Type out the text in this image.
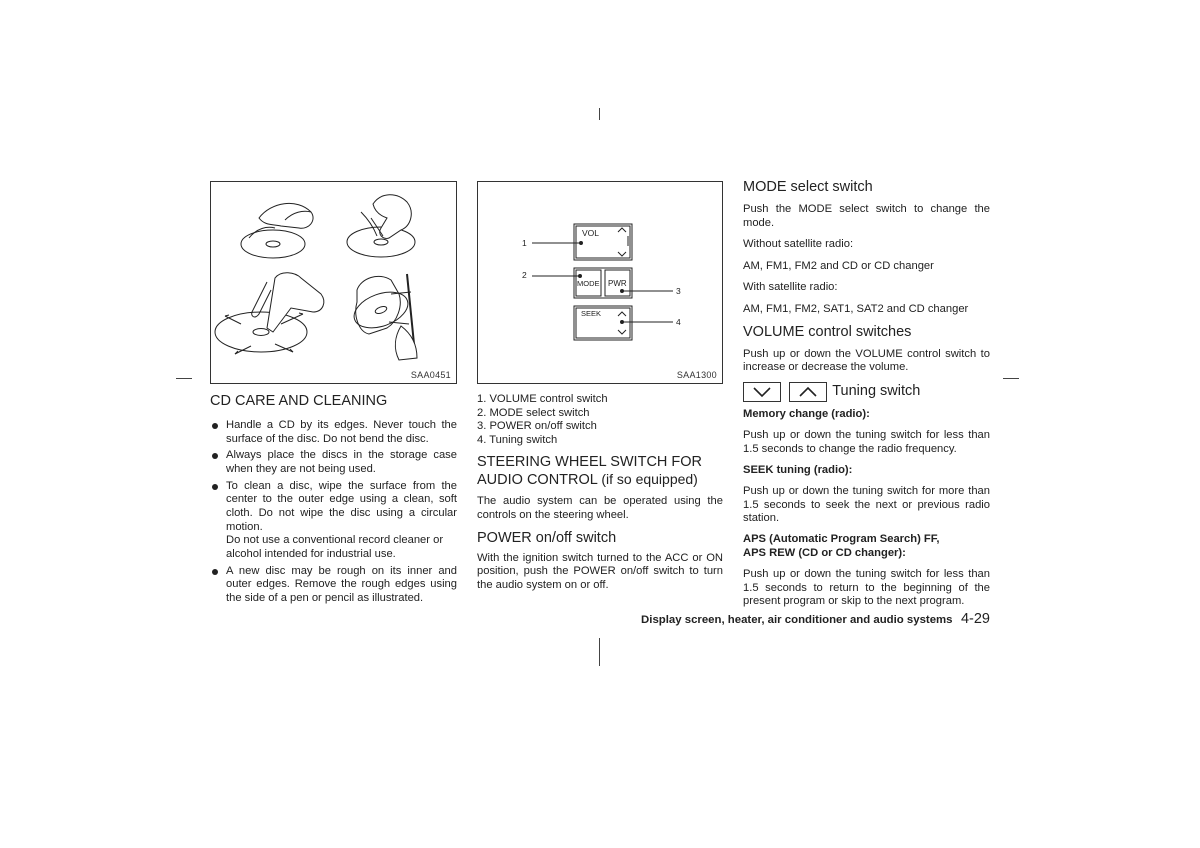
SAA0451
VOL
MODE PWR
SEEK
1
2
3
4
SAA1300
CD CARE AND CLEANING
Handle a CD by its edges. Never touch the surface of the disc. Do not bend the disc.
Always place the discs in the storage case when they are not being used.
To clean a disc, wipe the surface from the center to the outer edge using a clean, soft cloth. Do not wipe the disc using a circular motion.
Do not use a conventional record cleaner or alcohol intended for industrial use.
A new disc may be rough on its inner and outer edges. Remove the rough edges using the side of a pen or pencil as illustrated.
1. VOLUME control switch
2. MODE select switch
3. POWER on/off switch
4. Tuning switch
STEERING WHEEL SWITCH FOR
AUDIO CONTROL (if so equipped)

The audio system can be operated using the controls on the steering wheel.

POWER on/off switch

With the ignition switch turned to the ACC or ON position, push the POWER on/off switch to turn the audio system on or off.

MODE select switch

Push the MODE select switch to change the mode.

Without satellite radio:

AM, FM1, FM2 and CD or CD changer

With satellite radio:

AM, FM1, FM2, SAT1, SAT2 and CD changer

VOLUME control switches

Push up or down the VOLUME control switch to increase or decrease the volume.

Tuning switch

Memory change (radio):

Push up or down the tuning switch for less than 1.5 seconds to change the radio frequency.

SEEK tuning (radio):

Push up or down the tuning switch for more than 1.5 seconds to seek the next or previous radio station.

APS (Automatic Program Search) FF,
APS REW (CD or CD changer):

Push up or down the tuning switch for less than 1.5 seconds to return to the beginning of the present program or skip to the next program.

Display screen, heater, air conditioner and audio systems 4-29
